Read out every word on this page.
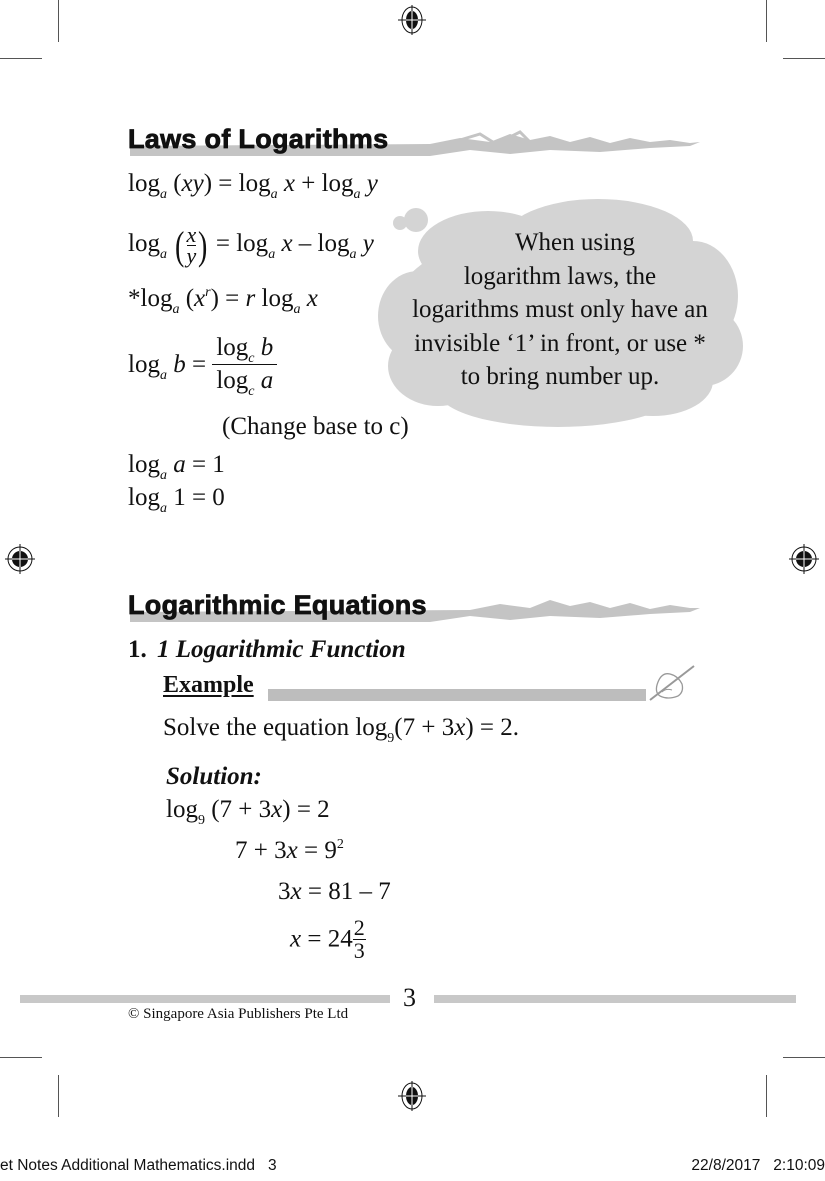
Laws of Logarithms
$\log_a (xy) = \log_a x + \log_a y$
$\log_a$ ( $\frac{x}{y}$ ) = $\log_a x - \log_a y$
$*\log_a$ $(x^r) = r$ $\log_a x$
$\log_a b = \frac{\log_c b}{\log_c a}$
(Change base to c)
$\log_a a = 1$
$\log_a 1 = 0$
When using
logarithm laws, the
logarithms must only have an
invisible ‘1’ in front, or use *
to bring number up.
Logarithmic Equations
1. 1 Logarithmic Function
Example
Solve the equation $\log_9(7 + 3x) = 2$.
Solution:
$\log_9 (7 + 3x) = 2$
$7 + 3x = 9^2$
3x = 81 – 7
$x = 24 \frac{2}{3}$
3
© Singapore Asia Publishers Pte Ltd
et Notes Additional Mathematics.indd   3	22/8/2017   2:10:09
